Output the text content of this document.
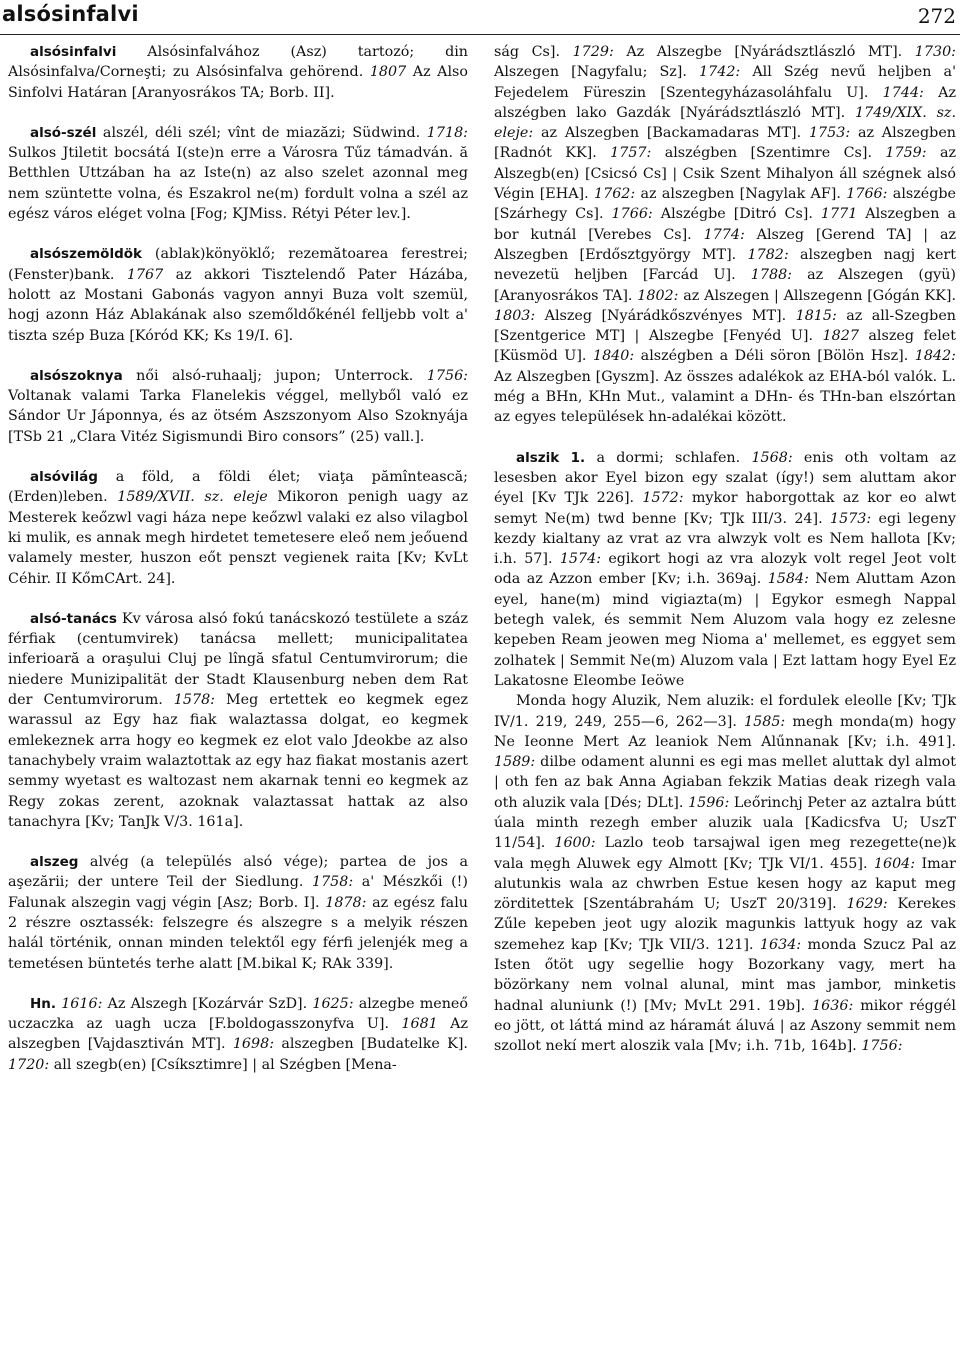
alsósinfalvi	272

alsósinfalvi Alsósinfalvához (Asz) tartozó; din Alsósinfalva/Corneşti; zu Alsósinfalva gehörend. 1807 Az Also Sinfolvi Határan [Aranyosrákos TA; Borb. II].

alsó-szél alszél, déli szél; vînt de miazăzi; Südwind. 1718: Sulkos Jtiletit bocsátá I(ste)n erre a Városra Tűz támadván. ă Betthlen Uttzában ha az Iste(n) az also szelet azonnal meg nem szüntette volna, és Eszakrol ne(m) fordult volna a szél az egész város eléget volna [Fog; KJMiss. Rétyi Péter lev.].

alsószemöldök (ablak)könyöklő; rezemătoarea ferestrei; (Fenster)bank. 1767 az akkori Tisztelendő Pater Házába, holott az Mostani Gabonás vagyon annyi Buza volt szemül, hogj azonn Ház Ablakának also szemőldőkénél felljebb volt a' tiszta szép Buza [Kóród KK; Ks 19/I. 6].

alsószoknya női alsó-ruhaalj; jupon; Unterrock. 1756: Voltanak valami Tarka Flanelekis véggel, mellyből való ez Sándor Ur Jáponnya, és az ötsém Aszszonyom Also Szoknyája [TSb 21 „Clara Vitéz Sigismundi Biro consors” (25) vall.].

alsóvilág a föld, a földi élet; viaţa pămîntească; (Erden)leben. 1589/XVII. sz. eleje Mikoron penigh uagy az Mesterek keőzwl vagi háza nepe keőzwl valaki ez also vilagbol ki mulik, es annak megh hirdetet temetesere eleő nem jeőuend valamely mester, huszon eőt penszt vegienek raita [Kv; KvLt Céhir. II KőmCArt. 24].

alsó-tanács Kv városa alsó fokú tanácskozó testülete a száz férfiak (centumvirek) tanácsa mellett; municipalitatea inferioară a oraşului Cluj pe lîngă sfatul Centumvirorum; die niedere Munizipalität der Stadt Klausenburg neben dem Rat der Centumvirorum. 1578: Meg ertettek eo kegmek egez warassul az Egy haz fiak walaztassa dolgat, eo kegmek emlekeznek arra hogy eo kegmek ez elot valo Jdeokbe az also tanachybely vraim walaztottak az egy haz fiakat mostanis azert semmy wyetast es waltozast nem akarnak tenni eo kegmek az Regy zokas zerent, azoknak valaztassat hattak az also tanachyra [Kv; TanJk V/3. 161a].

alszeg alvég (a település alsó vége); partea de jos a aşezării; der untere Teil der Siedlung. 1758: a' Mészkői (!) Falunak alszegin vagj végin [Asz; Borb. I]. 1878: az egész falu 2 részre osztassék: felszegre és alszegre s a melyik részen halál történik, onnan minden telektől egy férfi jelenjék meg a temetésen büntetés terhe alatt [M.bikal K; RAk 339].

Hn. 1616: Az Alszegh [Kozárvár SzD]. 1625: alzegbe meneő uczaczka az uagh ucza [F.boldogasszonyfva U]. 1681 Az alszegben [Vajdasztiván MT]. 1698: alszegben [Budatelke K]. 1720: all szegb(en) [Csíksztimre] | al Szégben [Mena-

ság Cs]. 1729: Az Alszegbe [Nyárádsztlászló MT]. 1730: Alszegen [Nagyfalu; Sz]. 1742: All Szég nevű heljben a' Fejedelem Füreszin [Szentegyházasoláhfalu U]. 1744: Az alszégben lako Gazdák [Nyárádsztlászló MT]. 1749/XIX. sz. eleje: az Alszegben [Backamadaras MT]. 1753: az Alszegben [Radnót KK]. 1757: alszégben [Szentimre Cs]. 1759: az Alszegb(en) [Csicsó Cs] | Csik Szent Mihalyon áll szégnek alsó Végin [EHA]. 1762: az alszegben [Nagylak AF]. 1766: alszégbe [Szárhegy Cs]. 1766: Alszégbe [Ditró Cs]. 1771 Alszegben a bor kutnál [Verebes Cs]. 1774: Alszeg [Gerend TA] | az Alszegben [Erdősztgyörgy MT]. 1782: alszegben nagj kert nevezetü heljben [Farcád U]. 1788: az Alszegen (gyü) [Aranyosrákos TA]. 1802: az Alszegen | Allszegenn [Gógán KK]. 1803: Alszeg [Nyárádkőszvényes MT]. 1815: az all-Szegben [Szentgerice MT] | Alszegbe [Fenyéd U]. 1827 alszeg felet [Küsmöd U]. 1840: alszégben a Déli söron [Bölön Hsz]. 1842: Az Alszegben [Gyszm]. Az összes adalékok az EHA-ból valók. L. még a BHn, KHn Mut., valamint a DHn- és THn-ban elszórtan az egyes települések hn-adalékai között.

alszik 1. a dormi; schlafen. 1568: enis oth voltam az lesesben akor Eyel bizon egy szalat (így!) sem aluttam akor éyel [Kv TJk 226]. 1572: mykor haborgottak az kor eo alwt semyt Ne(m) twd benne [Kv; TJk III/3. 24]. 1573: egi legeny kezdy kialtany az vrat az vra alwzyk volt es Nem hallota [Kv; i.h. 57]. 1574: egikort hogi az vra alozyk volt regel Jeot volt oda az Azzon ember [Kv; i.h. 369aj. 1584: Nem Aluttam Azon eyel, hane(m) mind vigiazta(m) | Egykor esmegh Nappal betegh valek, és semmit Nem Aluzom vala hogy ez zelesne kepeben Ream jeowen meg Nioma a' mellemet, es eggyet sem zolhatek | Semmit Ne(m) Aluzom vala | Ezt lattam hogy Eyel Ez Lakatosne Eleombe Ieöwe

Monda hogy Aluzik, Nem aluzik: el fordulek eleolle [Kv; TJk IV/1. 219, 249, 255—6, 262—3]. 1585: megh monda(m) hogy Ne Ieonne Mert Az leaniok Nem Alűnnanak [Kv; i.h. 491]. 1589: dilbe odament alunni es egi mas mellet aluttak dyl almot | oth fen az bak Anna Agiaban fekzik Matias deak rizegh vala oth aluzik vala [Dés; DLt]. 1596: Leőrinchj Peter az aztalra bútt úala minth rezegh ember aluzik uala [Kadicsfva U; UszT 11/54]. 1600: Lazlo teob tarsajwal igen meg rezegette(ne)k vala mẹgh Aluwek egy Almott [Kv; TJk VI/1. 455]. 1604: Imar alutunkis wala az chwrben Estue kesen hogy az kaput meg zörditettek [Szentábrahám U; UszT 20/319]. 1629: Kerekes Zűle kepeben jeot ugy alozik magunkis lattyuk hogy az vak szemehez kap [Kv; TJk VII/3. 121]. 1634: monda Szucz Pal az Isten őtöt ugy segellie hogy Bozorkany vagy, mert ha bözörkany nem volnal alunal, mint mas jambor, minketis hadnal aluniunk (!) [Mv; MvLt 291. 19b]. 1636: mikor réggél eo jött, ot láttá mind az háramát áluvá | az Aszony semmit nem szollot nekí mert aloszik vala [Mv; i.h. 71b, 164b]. 1756:
